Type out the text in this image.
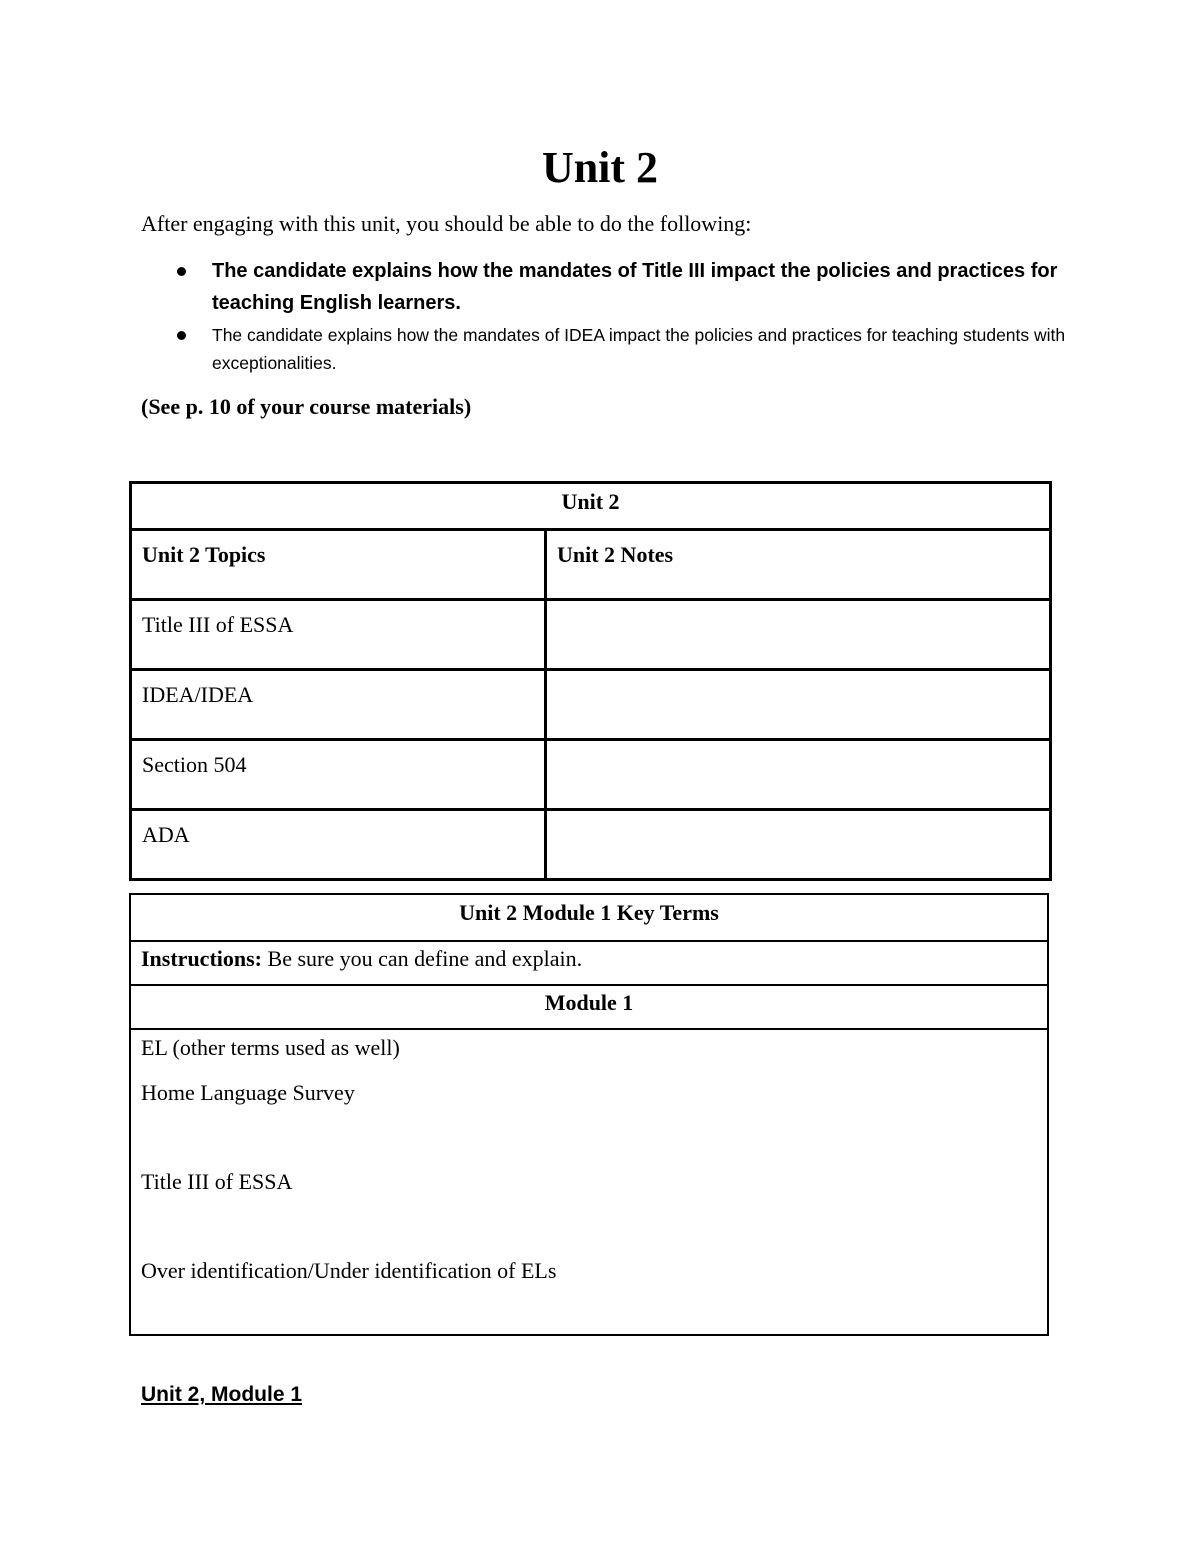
Unit 2
After engaging with this unit, you should be able to do the following:
The candidate explains how the mandates of Title III impact the policies and practices for teaching English learners.
The candidate explains how the mandates of IDEA impact the policies and practices for teaching students with exceptionalities.
(See p. 10 of your course materials)
Unit 2	
Unit 2 Topics	Unit 2 Notes
Title III of ESSA	
IDEA/IDEA	
Section 504	
ADA	
Unit 2 Module 1 Key Terms
Instructions: Be sure you can define and explain.
Module 1

EL (other terms used as well)
Home Language Survey
Title III of ESSA
Over identification/Under identification of ELs
Unit 2, Module 1
